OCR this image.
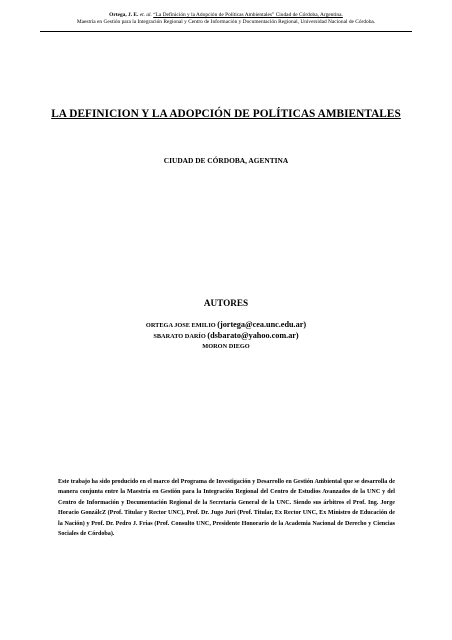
Ortega, J. E. et. al. “La Definición y la Adopción de Políticas Ambientales” Ciudad de Córdoba, Argentina.
Maestría en Gestión para la Integración Regional y Centro de Información y Documentación Regional, Universidad Nacional de Córdoba.
LA DEFINICION Y LA ADOPCIÓN DE POLÍTICAS AMBIENTALES
CIUDAD DE CÓRDOBA, AGENTINA
AUTORES
ORTEGA JOSE EMILIO (jortega@cea.unc.edu.ar)
SBARATO DARÍO (dsbarato@yahoo.com.ar)
MORON DIEGO

Este trabajo ha sido producido en el marco del Programa de Investigación y Desarrollo en Gestión Ambiental que se desarrolla de manera conjunta entre la Maestría en Gestión para la Integración Regional del Centro de Estudios Avanzados de la UNC y del Centro de Información y Documentación Regional de la Secretaría General de la UNC. Siendo sus árbitros el Prof. Ing. Jorge Horacio GonzálcZ (Prof. Titular y Rector UNC), Prof. Dr. Jugo Juri (Prof. Titular, Ex Rector UNC, Ex Ministro de Educación de la Nación) y Prof. Dr. Pedro J. Frías (Prof. Consulto UNC, Presidente Honorario de la Academia Nacional de Derecho y Ciencias Sociales de Córdoba).
